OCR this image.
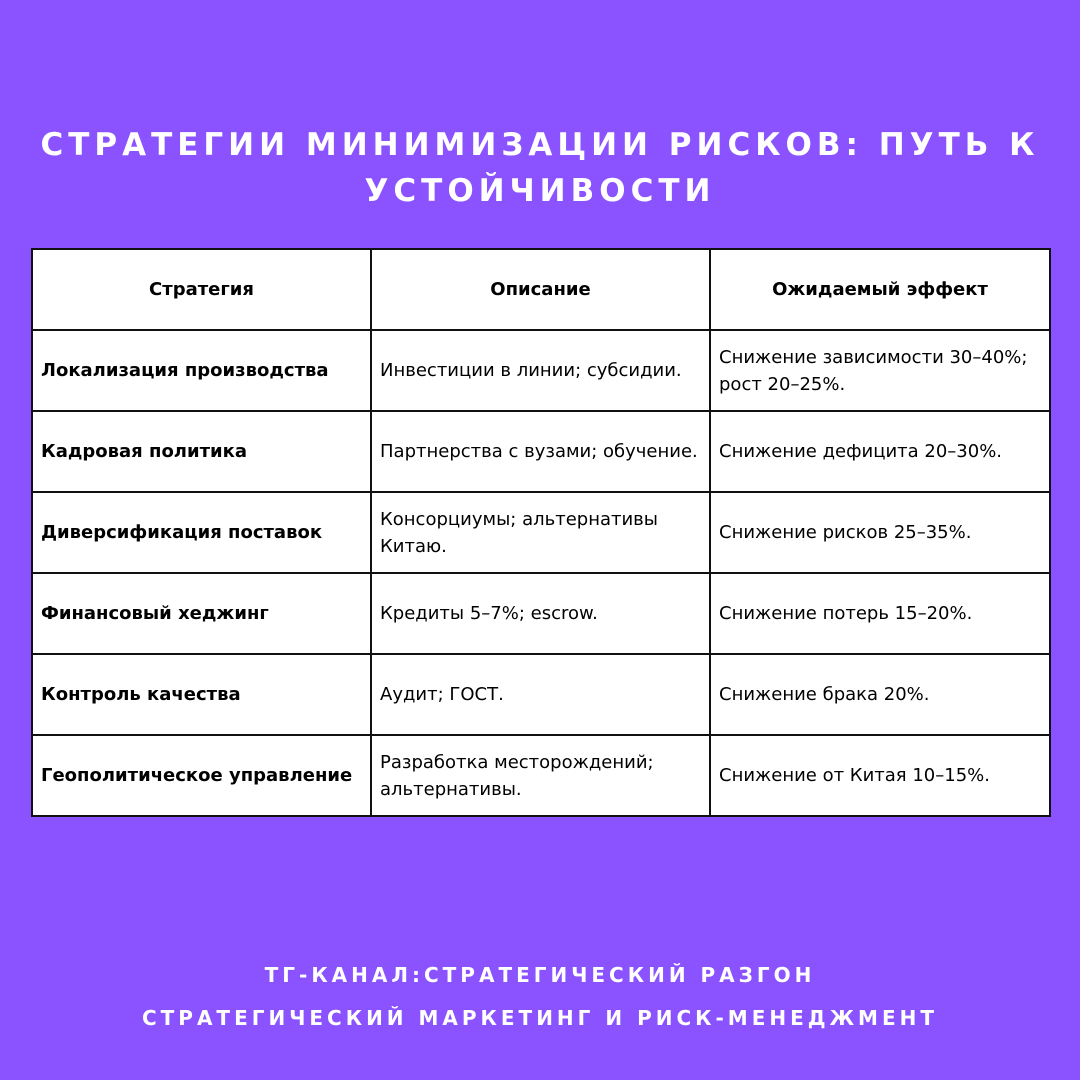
СТРАТЕГИИ МИНИМИЗАЦИИ РИСКОВ: ПУТЬ К УСТОЙЧИВОСТИ
Стратегия	Описание	Ожидаемый эффект
Локализация производства	Инвестиции в линии; субсидии.	Снижение зависимости 30–40%; рост 20–25%.
Кадровая политика	Партнерства с вузами; обучение.	Снижение дефицита 20–30%.
Диверсификация поставок	Консорциумы; альтернативы Китаю.	Снижение рисков 25–35%.
Финансовый хеджинг	Кредиты 5–7%; escrow.	Снижение потерь 15–20%.
Контроль качества	Аудит; ГОСТ.	Снижение брака 20%.
Геополитическое управление	Разработка месторождений; альтернативы.	Снижение от Китая 10–15%.

ТГ-КАНАЛ:СТРАТЕГИЧЕСКИЙ РАЗГОН

СТРАТЕГИЧЕСКИЙ МАРКЕТИНГ И РИСК-МЕНЕДЖМЕНТ
